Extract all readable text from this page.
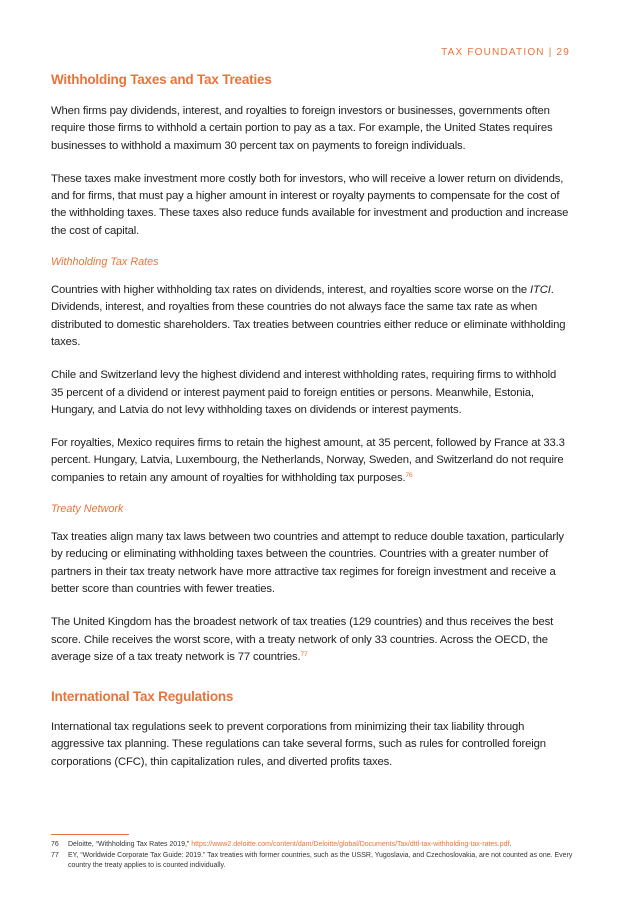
TAX FOUNDATION | 29
Withholding Taxes and Tax Treaties

When firms pay dividends, interest, and royalties to foreign investors or businesses, governments often require those firms to withhold a certain portion to pay as a tax. For example, the United States requires businesses to withhold a maximum 30 percent tax on payments to foreign individuals.

These taxes make investment more costly both for investors, who will receive a lower return on dividends, and for firms, that must pay a higher amount in interest or royalty payments to compensate for the cost of the withholding taxes. These taxes also reduce funds available for investment and production and increase the cost of capital.

Withholding Tax Rates

Countries with higher withholding tax rates on dividends, interest, and royalties score worse on the ITCI. Dividends, interest, and royalties from these countries do not always face the same tax rate as when distributed to domestic shareholders. Tax treaties between countries either reduce or eliminate withholding taxes.

Chile and Switzerland levy the highest dividend and interest withholding rates, requiring firms to withhold 35 percent of a dividend or interest payment paid to foreign entities or persons. Meanwhile, Estonia, Hungary, and Latvia do not levy withholding taxes on dividends or interest payments.

For royalties, Mexico requires firms to retain the highest amount, at 35 percent, followed by France at 33.3 percent. Hungary, Latvia, Luxembourg, the Netherlands, Norway, Sweden, and Switzerland do not require companies to retain any amount of royalties for withholding tax purposes.$^{76}$

Treaty Network

Tax treaties align many tax laws between two countries and attempt to reduce double taxation, particularly by reducing or eliminating withholding taxes between the countries. Countries with a greater number of partners in their tax treaty network have more attractive tax regimes for foreign investment and receive a better score than countries with fewer treaties.

The United Kingdom has the broadest network of tax treaties (129 countries) and thus receives the best score. Chile receives the worst score, with a treaty network of only 33 countries. Across the OECD, the average size of a tax treaty network is 77 countries.$^{77}$

International Tax Regulations

International tax regulations seek to prevent corporations from minimizing their tax liability through aggressive tax planning. These regulations can take several forms, such as rules for controlled foreign corporations (CFC), thin capitalization rules, and diverted profits taxes.

76	Deloitte, “Withholding Tax Rates 2019,” https://www2.deloitte.com/content/dam/Deloitte/global/Documents/Tax/dttl-tax-withholding-tax-rates.pdf.
77	EY, “Worldwide Corporate Tax Guide: 2019.” Tax treaties with former countries, such as the USSR, Yugoslavia, and Czechoslovakia, are not counted as one. Every country the treaty applies to is counted individually.
